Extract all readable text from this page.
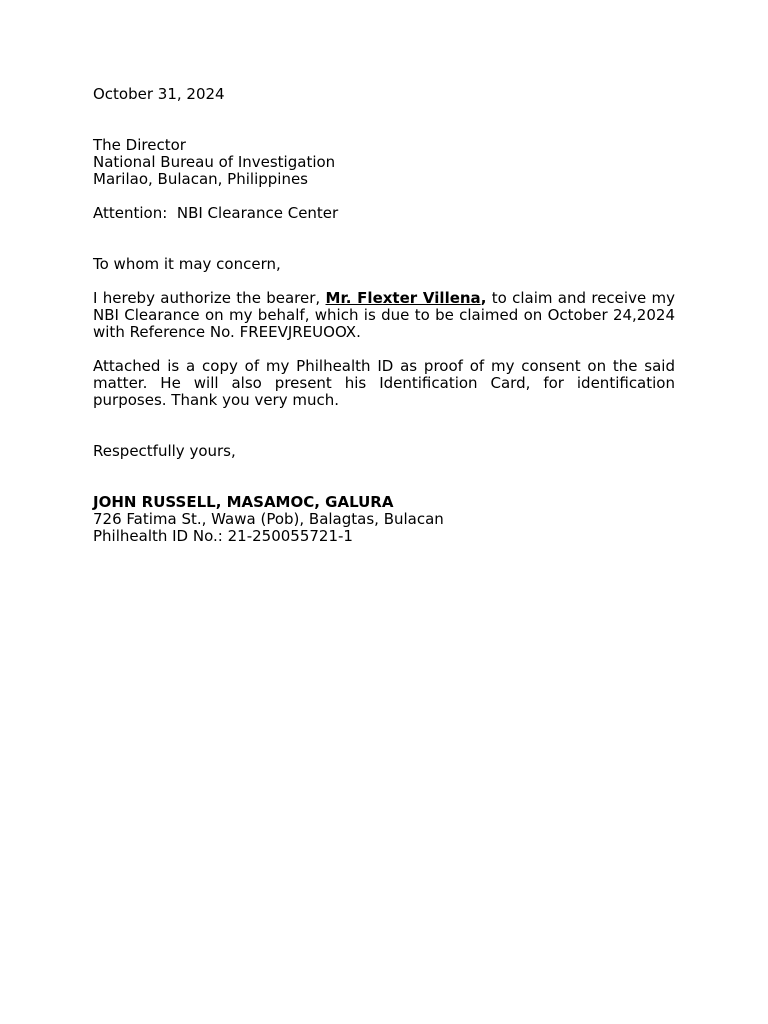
October 31, 2024
The Director
National Bureau of Investigation
Marilao, Bulacan, Philippines
Attention: NBI Clearance Center
To whom it may concern,
I hereby authorize the bearer, Mr. Flexter Villena, to claim and receive my NBI Clearance on my behalf, which is due to be claimed on October 24,2024 with Reference No. FREEVJREUOOX.
Attached is a copy of my Philhealth ID as proof of my consent on the said matter. He will also present his Identification Card, for identification purposes. Thank you very much.
Respectfully yours,
JOHN RUSSELL, MASAMOC, GALURA
726 Fatima St., Wawa (Pob), Balagtas, Bulacan
Philhealth ID No.: 21-250055721-1
